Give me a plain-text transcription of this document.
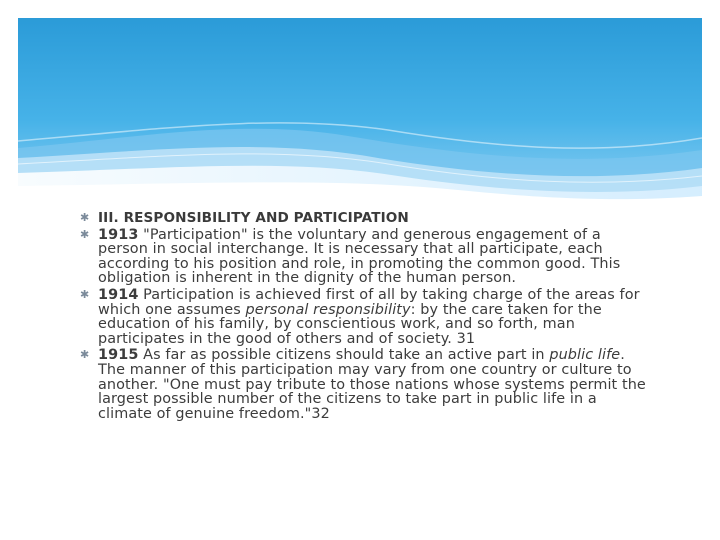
✱ III. RESPONSIBILITY AND PARTICIPATION
✱ 1913 "Participation" is the voluntary and generous engagement of a person in social interchange. It is necessary that all participate, each according to his position and role, in promoting the common good. This obligation is inherent in the dignity of the human person.
✱ 1914 Participation is achieved first of all by taking charge of the areas for which one assumes personal responsibility: by the care taken for the education of his family, by conscientious work, and so forth, man participates in the good of others and of society. 31
✱ 1915 As far as possible citizens should take an active part in public life. The manner of this participation may vary from one country or culture to another. "One must pay tribute to those nations whose systems permit the largest possible number of the citizens to take part in public life in a climate of genuine freedom."32
